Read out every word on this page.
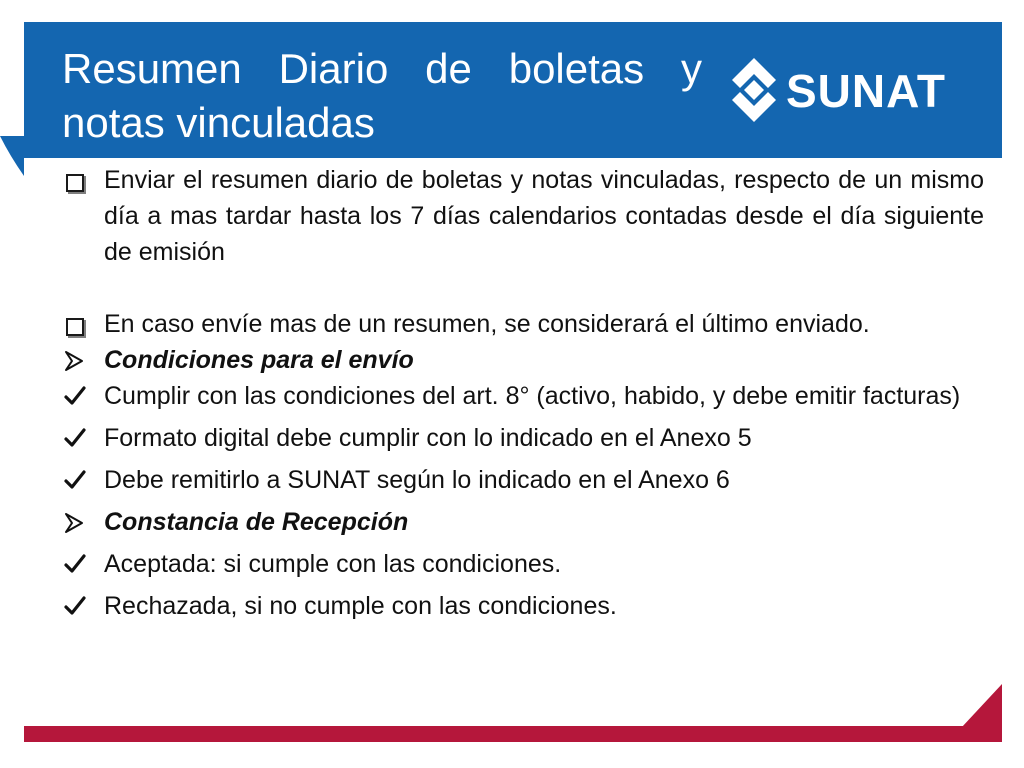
Resumen Diario de boletas y notas vinculadas
SUNAT
Enviar el resumen diario de boletas y notas vinculadas, respecto de un mismo día a mas tardar hasta los 7 días calendarios contadas desde el día siguiente de emisión
En caso envíe mas de un resumen, se considerará el último enviado.
Condiciones para el envío
Cumplir con las condiciones del art. 8° (activo, habido, y debe emitir facturas)
Formato digital debe cumplir con lo indicado en el Anexo 5
Debe remitirlo a SUNAT según lo indicado en el Anexo 6
Constancia de Recepción
Aceptada: si cumple con las condiciones.
Rechazada, si no cumple con las condiciones.
